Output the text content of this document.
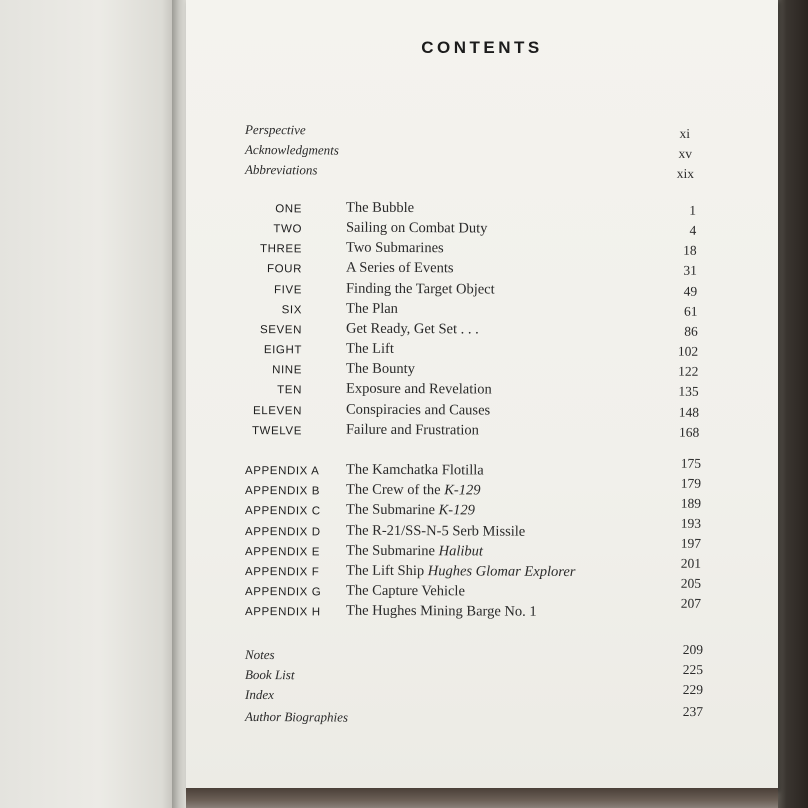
CONTENTS
Perspective	xi
Acknowledgments	xv
Abbreviations	xix
ONE	The Bubble	1
TWO	Sailing on Combat Duty	4
THREE	Two Submarines	18
FOUR	A Series of Events	31
FIVE	Finding the Target Object	49
SIX	The Plan	61
SEVEN	Get Ready, Get Set . . .	86
EIGHT	The Lift	102
NINE	The Bounty	122
TEN	Exposure and Revelation	135
ELEVEN	Conspiracies and Causes	148
TWELVE	Failure and Frustration	168
APPENDIX A	The Kamchatka Flotilla	175
APPENDIX B	The Crew of the K-129	179
APPENDIX C	The Submarine K-129	189
APPENDIX D	The R-21/SS-N-5 Serb Missile	193
APPENDIX E	The Submarine Halibut	197
APPENDIX F	The Lift Ship Hughes Glomar Explorer	201
APPENDIX G	The Capture Vehicle	205
APPENDIX H	The Hughes Mining Barge No. 1	207
Notes	209
Book List	225
Index	229
Author Biographies	237
